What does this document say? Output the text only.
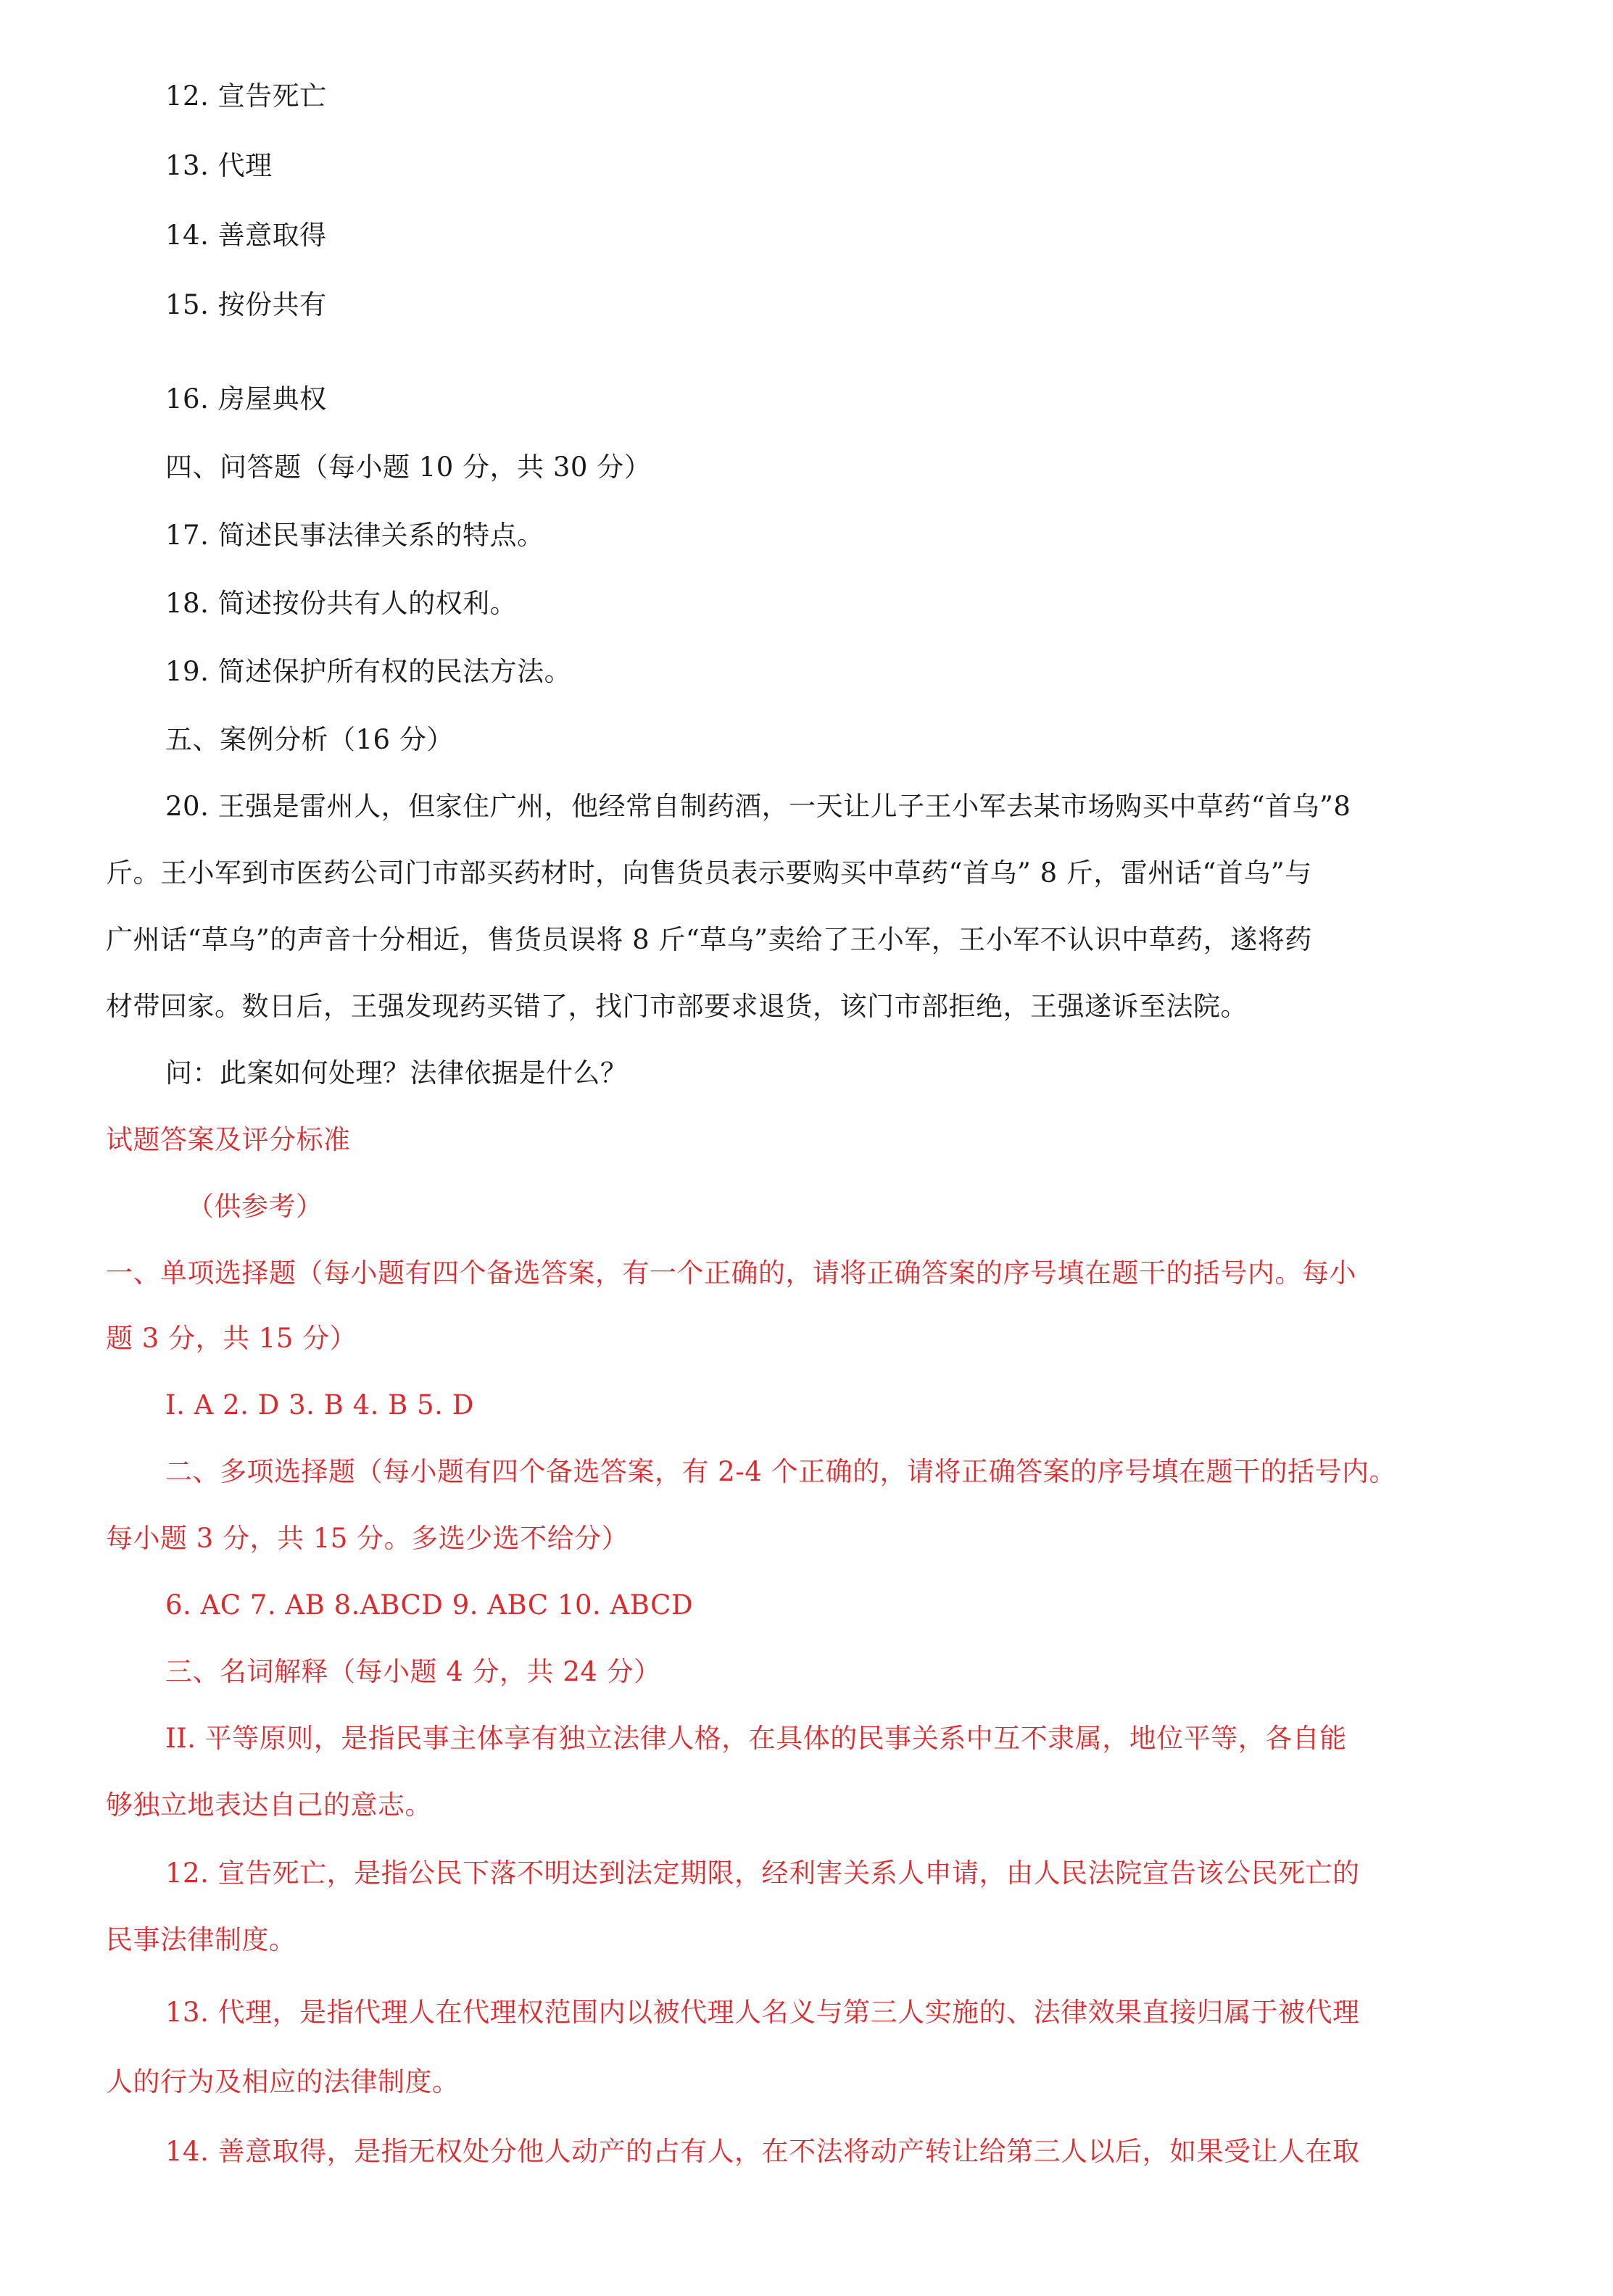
12. 宣告死亡
13. 代理
14. 善意取得
15. 按份共有
16. 房屋典权
四、问答题（每小题 10 分，共 30 分）
17. 简述民事法律关系的特点。
18. 简述按份共有人的权利。
19. 简述保护所有权的民法方法。
五、案例分析（16 分）
20. 王强是雷州人，但家住广州，他经常自制药酒，一天让儿子王小军去某市场购买中草药“首乌”8
斤。王小军到市医药公司门市部买药材时，向售货员表示要购买中草药“首乌” 8 斤，雷州话“首乌”与
广州话“草乌”的声音十分相近，售货员误将 8 斤“草乌”卖给了王小军，王小军不认识中草药，遂将药
材带回家。数日后，王强发现药买错了，找门市部要求退货，该门市部拒绝，王强遂诉至法院。
问：此案如何处理？法律依据是什么？
试题答案及评分标准
（供参考）
一、单项选择题（每小题有四个备选答案，有一个正确的，请将正确答案的序号填在题干的括号内。每小
题 3 分，共 15 分）
I. A 2. D 3. B 4. B 5. D
二、多项选择题（每小题有四个备选答案，有 2-4 个正确的，请将正确答案的序号填在题干的括号内。
每小题 3 分，共 15 分。多选少选不给分）
6. AC 7. AB 8.ABCD 9. ABC 10. ABCD
三、名词解释（每小题 4 分，共 24 分）
II. 平等原则，是指民事主体享有独立法律人格，在具体的民事关系中互不隶属，地位平等，各自能
够独立地表达自己的意志。
12. 宣告死亡，是指公民下落不明达到法定期限，经利害关系人申请，由人民法院宣告该公民死亡的
民事法律制度。
13. 代理，是指代理人在代理权范围内以被代理人名义与第三人实施的、法律效果直接归属于被代理
人的行为及相应的法律制度。
14. 善意取得，是指无权处分他人动产的占有人，在不法将动产转让给第三人以后，如果受让人在取
